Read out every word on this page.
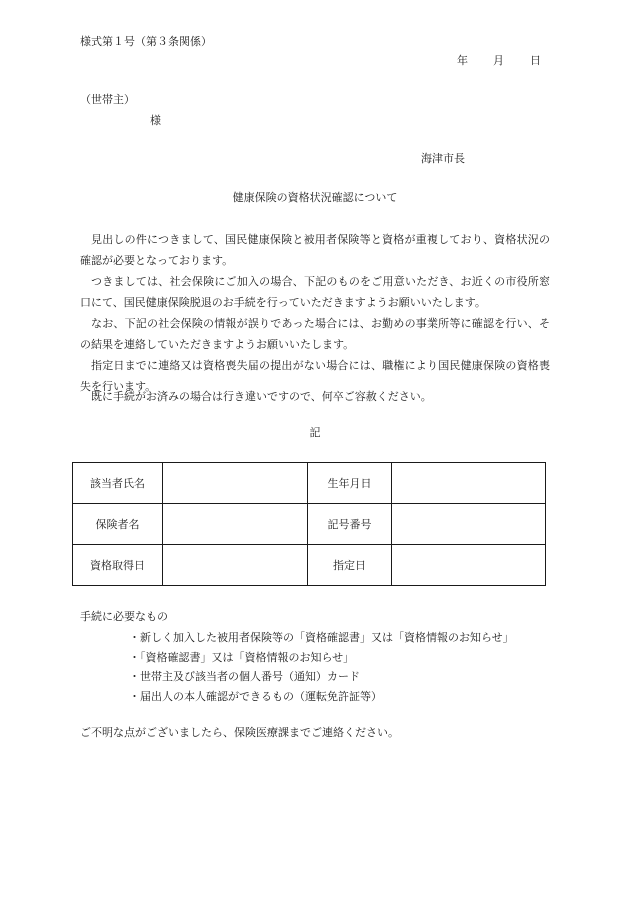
様式第１号（第３条関係）
年 月 日
（世帯主）
様
海津市長
健康保険の資格状況確認について
見出しの件につきまして、国民健康保険と被用者保険等と資格が重複しており、資格状況の確認が必要となっております。
つきましては、社会保険にご加入の場合、下記のものをご用意いただき、お近くの市役所窓口にて、国民健康保険脱退のお手続を行っていただきますようお願いいたします。
なお、下記の社会保険の情報が誤りであった場合には、お勤めの事業所等に確認を行い、その結果を連絡していただきますようお願いいたします。
指定日までに連絡又は資格喪失届の提出がない場合には、職権により国民健康保険の資格喪失を行います。
既に手続がお済みの場合は行き違いですので、何卒ご容赦ください。
記
該当者氏名		生年月日	
保険者名		記号番号	
資格取得日		指定日	
手続に必要なもの
・ 新しく加入した被用者保険等の「資格確認書」又は「資格情報のお知らせ」
・ 「資格確認書」又は「資格情報のお知らせ」
・ 世帯主及び該当者の個人番号（通知）カード
・ 届出人の本人確認ができるもの（運転免許証等）
ご不明な点がございましたら、保険医療課までご連絡ください。
